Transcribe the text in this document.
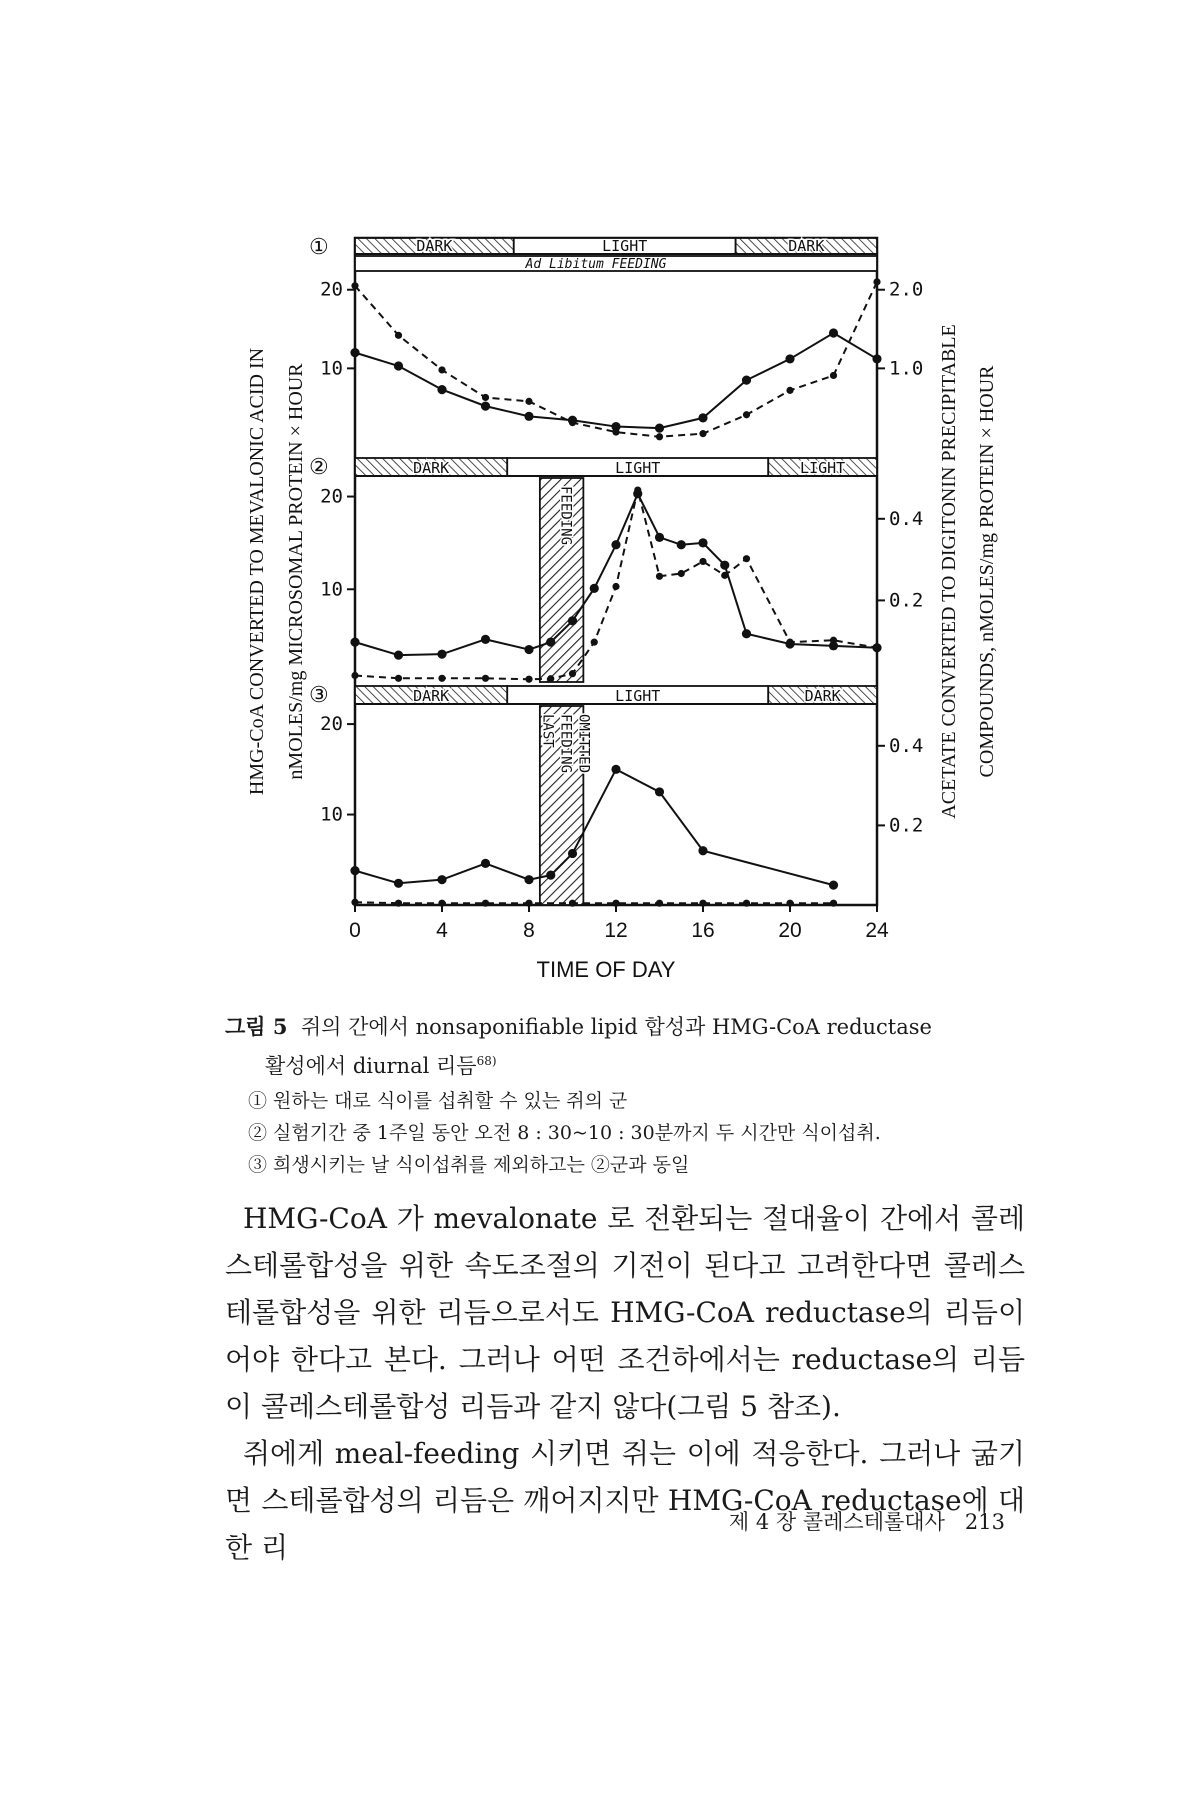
DARK	LIGHT	DARK
①
Ad Libitum FEEDING
10
20
1.0
2.0
DARK	LIGHT	LIGHT
②
FEEDING
10
20
0.2
0.4
DARK	LIGHT	DARK
③
LAST FEEDING OMITTED
10
20
0.2
0.4
0	4	8	12	16	20	24
TIME OF DAY
HMG-CoA CONVERTED TO MEVALONIC ACID IN nMOLES/mg MICROSOMAL PROTEIN × HOUR	ACETATE CONVERTED TO DIGITONIN PRECIPITABLE COMPOUNDS, nMOLES/mg PROTEIN × HOUR
그림 5 쥐의 간에서 nonsaponifiable lipid 합성과 HMG-CoA reductase
활성에서 diurnal 리듬$^{68)}$
① 원하는 대로 식이를 섭취할 수 있는 쥐의 군
② 실험기간 중 1주일 동안 오전 8 : 30~10 : 30분까지 두 시간만 식이섭취.
③ 희생시키는 날 식이섭취를 제외하고는 ②군과 동일

HMG-CoA 가 mevalonate 로 전환되는 절대율이 간에서 콜레스테롤합성을 위한 속도조절의 기전이 된다고 고려한다면 콜레스테롤합성을 위한 리듬으로서도 HMG-CoA reductase의 리듬이어야 한다고 본다. 그러나 어떤 조건하에서는 reductase의 리듬이 콜레스테롤합성 리듬과 같지 않다(그림 5 참조).

쥐에게 meal-feeding 시키면 쥐는 이에 적응한다. 그러나 굶기면 스테롤합성의 리듬은 깨어지지만 HMG-CoA reductase에 대한 리

제 4 장 콜레스테롤대사 213
